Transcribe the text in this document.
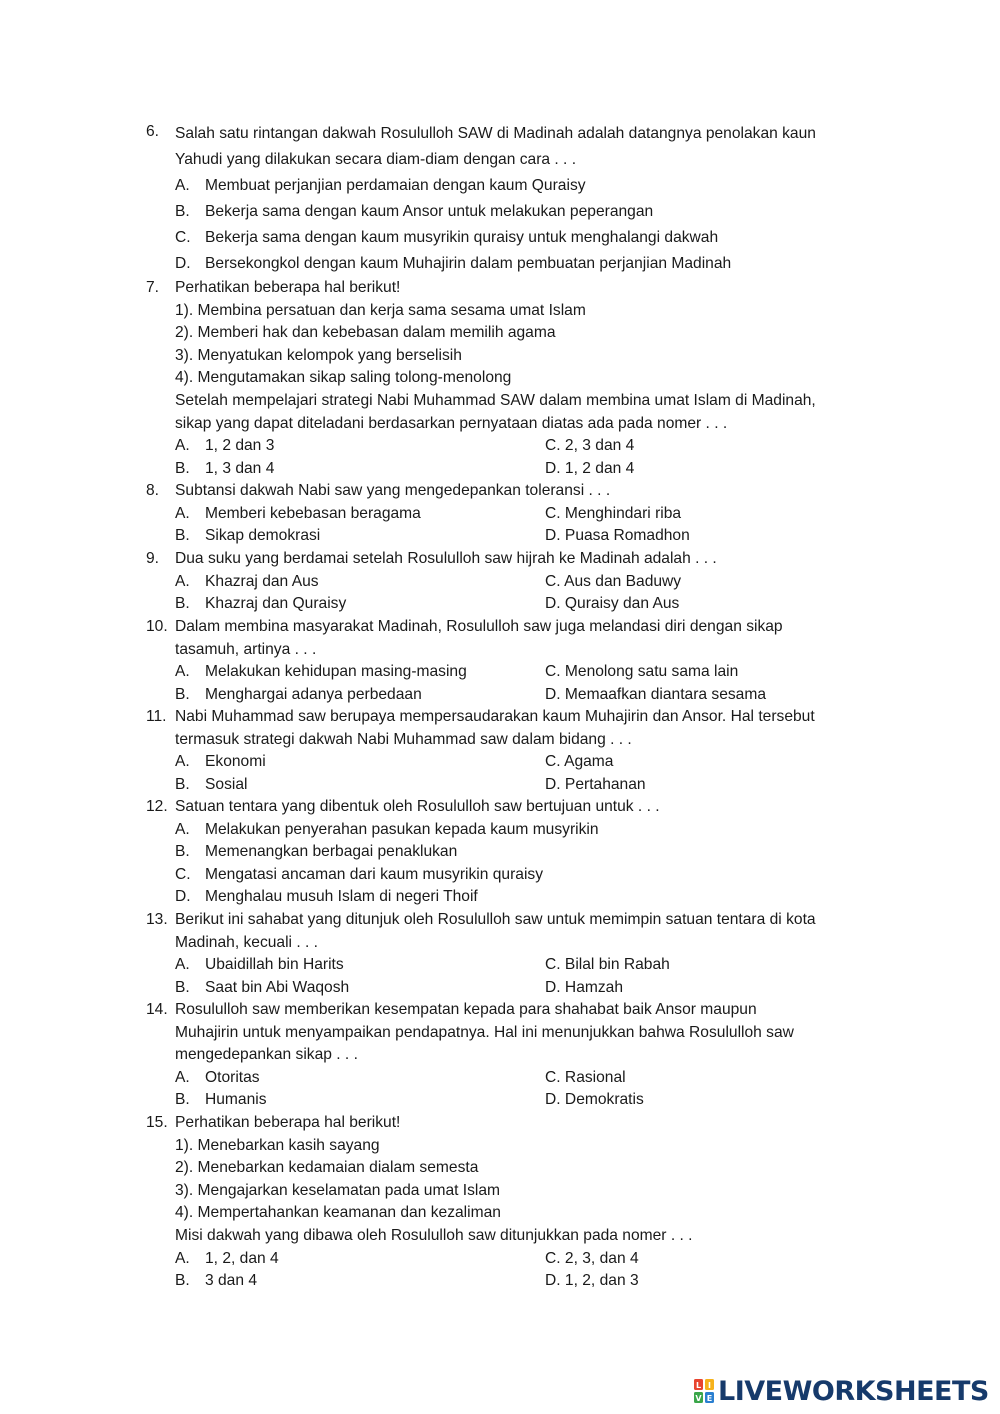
6. Salah satu rintangan dakwah Rosululloh SAW di Madinah adalah datangnya penolakan kaun
Yahudi yang dilakukan secara diam-diam dengan cara . . .
A. Membuat perjanjian perdamaian dengan kaum Quraisy
B. Bekerja sama dengan kaum Ansor untuk melakukan peperangan
C. Bekerja sama dengan kaum musyrikin quraisy untuk menghalangi dakwah
D. Bersekongkol dengan kaum Muhajirin dalam pembuatan perjanjian Madinah
7. Perhatikan beberapa hal berikut!
1). Membina persatuan dan kerja sama sesama umat Islam
2). Memberi hak dan kebebasan dalam memilih agama
3). Menyatukan kelompok yang berselisih
4). Mengutamakan sikap saling tolong-menolong
Setelah mempelajari strategi Nabi Muhammad SAW dalam membina umat Islam di Madinah,
sikap yang dapat diteladani berdasarkan pernyataan diatas ada pada nomer . . .
A. 1, 2 dan 3	C. 2, 3 dan 4
B. 1, 3 dan 4	D. 1, 2 dan 4
8. Subtansi dakwah Nabi saw yang mengedepankan toleransi . . .
A. Memberi kebebasan beragama	C. Menghindari riba
B. Sikap demokrasi	D. Puasa Romadhon
9. Dua suku yang berdamai setelah Rosululloh saw hijrah ke Madinah adalah . . .
A. Khazraj dan Aus	C. Aus dan Baduwy
B. Khazraj dan Quraisy	D. Quraisy dan Aus
10. Dalam membina masyarakat Madinah, Rosululloh saw juga melandasi diri dengan sikap
tasamuh, artinya . . .
A. Melakukan kehidupan masing-masing	C. Menolong satu sama lain
B. Menghargai adanya perbedaan	D. Memaafkan diantara sesama
11. Nabi Muhammad saw berupaya mempersaudarakan kaum Muhajirin dan Ansor. Hal tersebut
termasuk strategi dakwah Nabi Muhammad saw dalam bidang . . .
A. Ekonomi	C. Agama
B. Sosial	D. Pertahanan
12. Satuan tentara yang dibentuk oleh Rosululloh saw bertujuan untuk . . .
A. Melakukan penyerahan pasukan kepada kaum musyrikin
B. Memenangkan berbagai penaklukan
C. Mengatasi ancaman dari kaum musyrikin quraisy
D. Menghalau musuh Islam di negeri Thoif
13. Berikut ini sahabat yang ditunjuk oleh Rosululloh saw untuk memimpin satuan tentara di kota
Madinah, kecuali . . .
A. Ubaidillah bin Harits	C. Bilal bin Rabah
B. Saat bin Abi Waqosh	D. Hamzah
14. Rosululloh saw memberikan kesempatan kepada para shahabat baik Ansor maupun
Muhajirin untuk menyampaikan pendapatnya. Hal ini menunjukkan bahwa Rosululloh saw
mengedepankan sikap . . .
A. Otoritas	C. Rasional
B. Humanis	D. Demokratis
15. Perhatikan beberapa hal berikut!
1). Menebarkan kasih sayang
2). Menebarkan kedamaian dialam semesta
3). Mengajarkan keselamatan pada umat Islam
4). Mempertahankan keamanan dan kezaliman
Misi dakwah yang dibawa oleh Rosululloh saw ditunjukkan pada nomer . . .
A. 1, 2, dan 4	C. 2, 3, dan 4
B. 3 dan 4	D. 1, 2, dan 3
L I
V E LIVEWORKSHEETS
